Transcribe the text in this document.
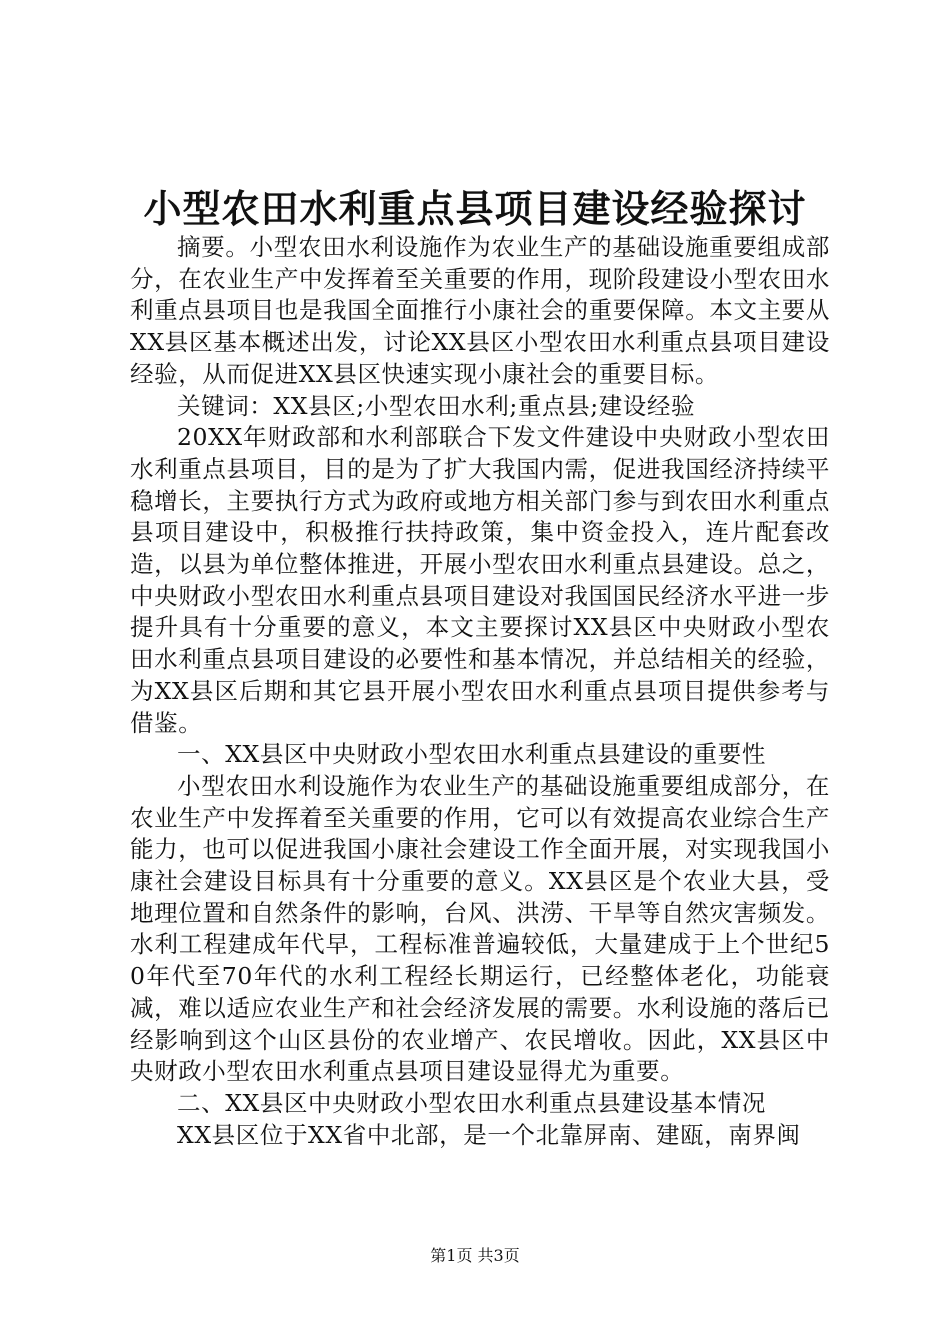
小型农田水利重点县项目建设经验探讨

摘要。小型农田水利设施作为农业生产的基础设施重要组成部分，在农业生产中发挥着至关重要的作用，现阶段建设小型农田水利重点县项目也是我国全面推行小康社会的重要保障。本文主要从XX县区基本概述出发，讨论XX县区小型农田水利重点县项目建设经验，从而促进XX县区快速实现小康社会的重要目标。

关键词：XX县区;小型农田水利;重点县;建设经验

20XX年财政部和水利部联合下发文件建设中央财政小型农田水利重点县项目，目的是为了扩大我国内需，促进我国经济持续平稳增长，主要执行方式为政府或地方相关部门参与到农田水利重点县项目建设中，积极推行扶持政策，集中资金投入，连片配套改造，以县为单位整体推进，开展小型农田水利重点县建设。总之，中央财政小型农田水利重点县项目建设对我国国民经济水平进一步提升具有十分重要的意义，本文主要探讨XX县区中央财政小型农田水利重点县项目建设的必要性和基本情况，并总结相关的经验，为XX县区后期和其它县开展小型农田水利重点县项目提供参考与借鉴。

一、XX县区中央财政小型农田水利重点县建设的重要性

小型农田水利设施作为农业生产的基础设施重要组成部分，在农业生产中发挥着至关重要的作用，它可以有效提高农业综合生产能力，也可以促进我国小康社会建设工作全面开展，对实现我国小康社会建设目标具有十分重要的意义。XX县区是个农业大县，受地理位置和自然条件的影响，台风、洪涝、干旱等自然灾害频发。水利工程建成年代早，工程标准普遍较低，大量建成于上个世纪50年代至70年代的水利工程经长期运行，已经整体老化，功能衰减，难以适应农业生产和社会经济发展的需要。水利设施的落后已经影响到这个山区县份的农业增产、农民增收。因此，XX县区中央财政小型农田水利重点县项目建设显得尤为重要。

二、XX县区中央财政小型农田水利重点县建设基本情况

XX县区位于XX省中北部，是一个北靠屏南、建瓯，南界闽

第1页 共3页
